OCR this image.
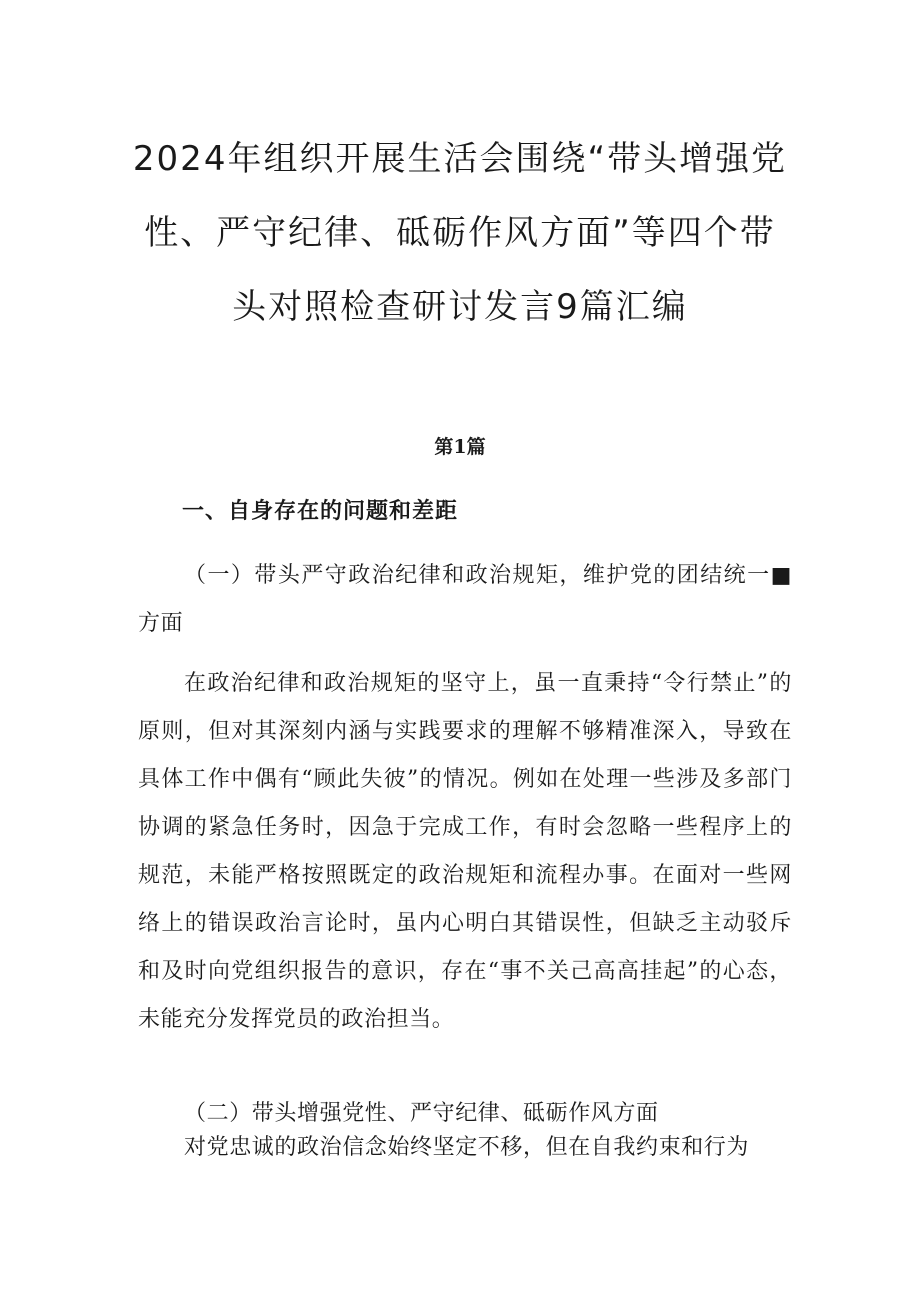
2024年组织开展生活会围绕“带头增强党
性、严守纪律、砥砺作风方面”等四个带
头对照检查研讨发言9篇汇编

第1篇

一、自身存在的问题和差距

（一）带头严守政治纪律和政治规矩，维护党的团结统一■方面

在政治纪律和政治规矩的坚守上，虽一直秉持“令行禁止”的原则，但对其深刻内涵与实践要求的理解不够精准深入，导致在具体工作中偶有“顾此失彼”的情况。例如在处理一些涉及多部门协调的紧急任务时，因急于完成工作，有时会忽略一些程序上的规范，未能严格按照既定的政治规矩和流程办事。在面对一些网络上的错误政治言论时，虽内心明白其错误性，但缺乏主动驳斥和及时向党组织报告的意识，存在“事不关己高高挂起”的心态，未能充分发挥党员的政治担当。

（二）带头增强党性、严守纪律、砥砺作风方面

对党忠诚的政治信念始终坚定不移，但在自我约束和行为
